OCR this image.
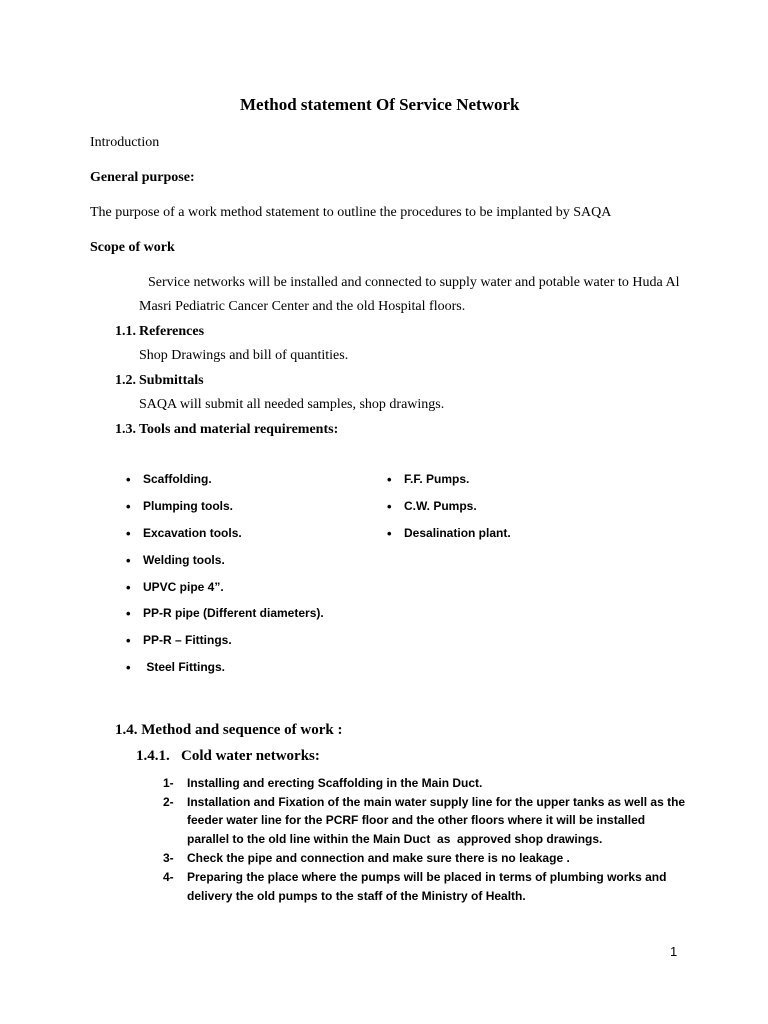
Method statement Of Service Network
Introduction
General purpose:
The purpose of a work method statement to outline the procedures to be implanted by SAQA
Scope of work
Service networks will be installed and connected to supply water and potable water to Huda Al
Masri Pediatric Cancer Center and the old Hospital floors.
1.1. References
Shop Drawings and bill of quantities.
1.2. Submittals
SAQA will submit all needed samples, shop drawings.
1.3. Tools and material requirements:
• Scaffolding.
• Plumping tools.
• Excavation tools.
• Welding tools.
• UPVC pipe 4”.
• PP-R pipe (Different diameters).
• PP-R – Fittings.
•  Steel Fittings.
• F.F. Pumps.
• C.W. Pumps.
• Desalination plant.
1.4. Method and sequence of work :
1.4.1. Cold water networks:
1- Installing and erecting Scaffolding in the Main Duct.
2- Installation and Fixation of the main water supply line for the upper tanks as well as the
feeder water line for the PCRF floor and the other floors where it will be installed
parallel to the old line within the Main Duct  as  approved shop drawings.
3- Check the pipe and connection and make sure there is no leakage .
4- Preparing the place where the pumps will be placed in terms of plumbing works and
delivery the old pumps to the staff of the Ministry of Health.
1
